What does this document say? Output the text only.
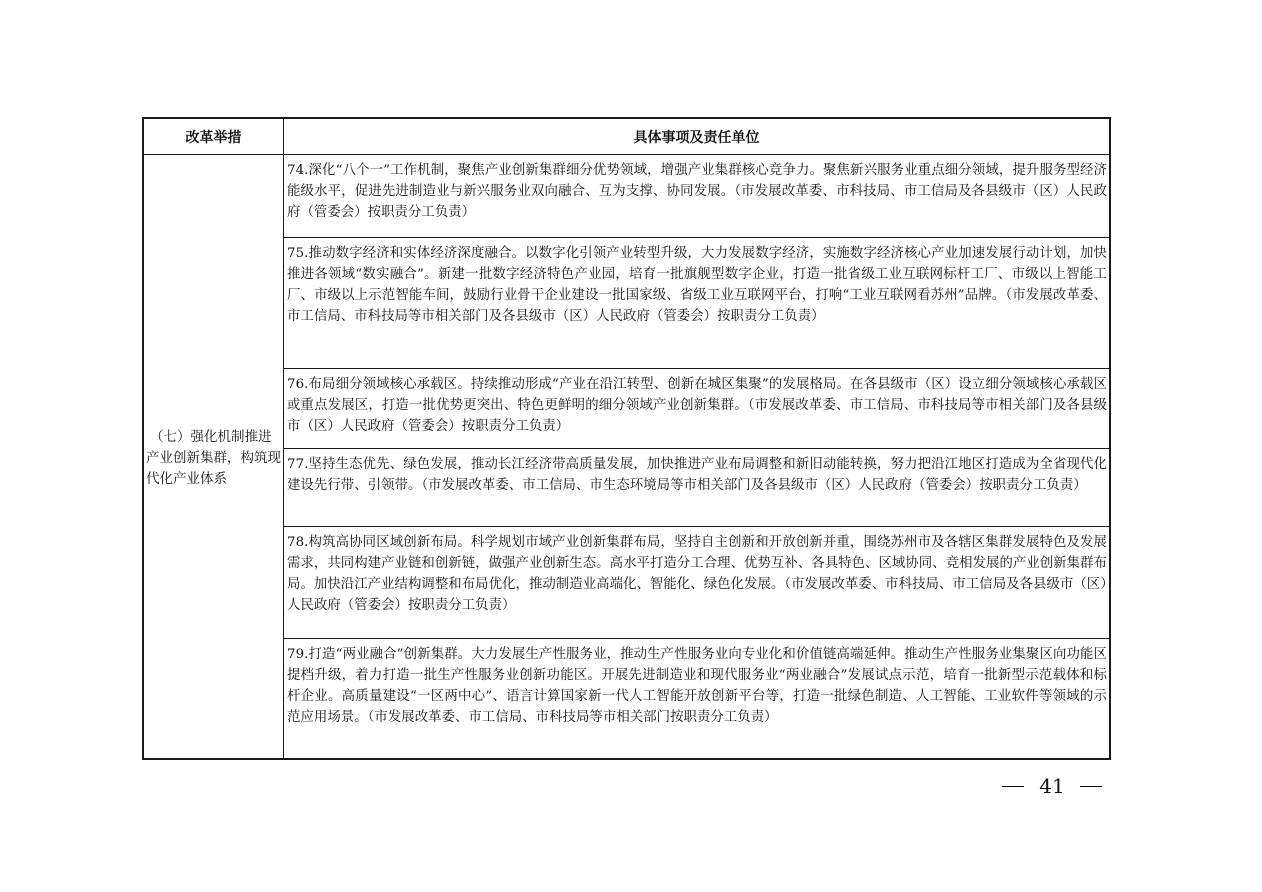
改革举措	具体事项及责任单位
（七）强化机制推进产业创新集群，构筑现代化产业体系
74.深化“八个一”工作机制，聚焦产业创新集群细分优势领域，增强产业集群核心竞争力。聚焦新兴服务业重点细分领域，提升服务型经济能级水平，促进先进制造业与新兴服务业双向融合、互为支撑、协同发展。（市发展改革委、市科技局、市工信局及各县级市（区）人民政府（管委会）按职责分工负责）
75.推动数字经济和实体经济深度融合。以数字化引领产业转型升级，大力发展数字经济，实施数字经济核心产业加速发展行动计划，加快推进各领域“数实融合”。新建一批数字经济特色产业园，培育一批旗舰型数字企业，打造一批省级工业互联网标杆工厂、市级以上智能工厂、市级以上示范智能车间，鼓励行业骨干企业建设一批国家级、省级工业互联网平台，打响“工业互联网看苏州”品牌。（市发展改革委、市工信局、市科技局等市相关部门及各县级市（区）人民政府（管委会）按职责分工负责）
76.布局细分领域核心承载区。持续推动形成“产业在沿江转型、创新在城区集聚”的发展格局。在各县级市（区）设立细分领域核心承载区或重点发展区，打造一批优势更突出、特色更鲜明的细分领域产业创新集群。（市发展改革委、市工信局、市科技局等市相关部门及各县级市（区）人民政府（管委会）按职责分工负责）
77.坚持生态优先、绿色发展，推动长江经济带高质量发展，加快推进产业布局调整和新旧动能转换，努力把沿江地区打造成为全省现代化建设先行带、引领带。（市发展改革委、市工信局、市生态环境局等市相关部门及各县级市（区）人民政府（管委会）按职责分工负责）
78.构筑高协同区域创新布局。科学规划市域产业创新集群布局，坚持自主创新和开放创新并重，围绕苏州市及各辖区集群发展特色及发展需求，共同构建产业链和创新链，做强产业创新生态。高水平打造分工合理、优势互补、各具特色、区域协同、竞相发展的产业创新集群布局。加快沿江产业结构调整和布局优化，推动制造业高端化、智能化、绿色化发展。（市发展改革委、市科技局、市工信局及各县级市（区）人民政府（管委会）按职责分工负责）
79.打造“两业融合”创新集群。大力发展生产性服务业，推动生产性服务业向专业化和价值链高端延伸。推动生产性服务业集聚区向功能区提档升级，着力打造一批生产性服务业创新功能区。开展先进制造业和现代服务业“两业融合”发展试点示范，培育一批新型示范载体和标杆企业。高质量建设“一区两中心”、语言计算国家新一代人工智能开放创新平台等，打造一批绿色制造、人工智能、工业软件等领域的示范应用场景。（市发展改革委、市工信局、市科技局等市相关部门按职责分工负责）
41
